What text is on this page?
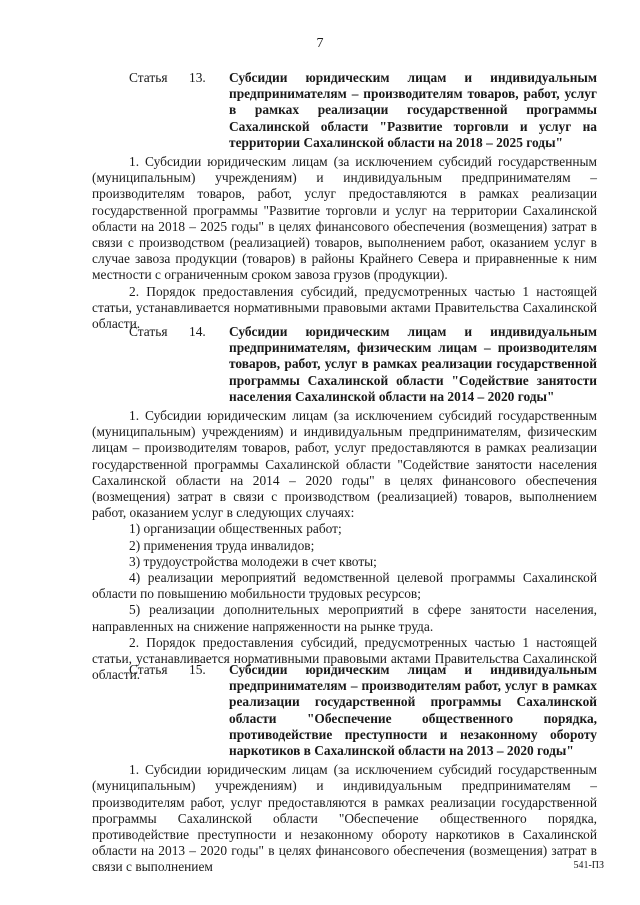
7
Статья 13. Субсидии юридическим лицам и индивидуальным предпринимателям – производителям товаров, работ, услуг в рамках реализации государственной программы Сахалинской области "Развитие торговли и услуг на территории Сахалинской области на 2018 – 2025 годы"

1. Субсидии юридическим лицам (за исключением субсидий государственным (муниципальным) учреждениям) и индивидуальным предпринимателям – производителям товаров, работ, услуг предоставляются в рамках реализации государственной программы "Развитие торговли и услуг на территории Сахалинской области на 2018 – 2025 годы" в целях финансового обеспечения (возмещения) затрат в связи с производством (реализацией) товаров, выполнением работ, оказанием услуг в случае завоза продукции (товаров) в районы Крайнего Севера и приравненные к ним местности с ограниченным сроком завоза грузов (продукции).

2. Порядок предоставления субсидий, предусмотренных частью 1 настоящей статьи, устанавливается нормативными правовыми актами Правительства Сахалинской области.

Статья 14. Субсидии юридическим лицам и индивидуальным предпринимателям, физическим лицам – производителям товаров, работ, услуг в рамках реализации государственной программы Сахалинской области "Содействие занятости населения Сахалинской области на 2014 – 2020 годы"

1. Субсидии юридическим лицам (за исключением субсидий государственным (муниципальным) учреждениям) и индивидуальным предпринимателям, физическим лицам – производителям товаров, работ, услуг предоставляются в рамках реализации государственной программы Сахалинской области "Содействие занятости населения Сахалинской области на 2014 – 2020 годы" в целях финансового обеспечения (возмещения) затрат в связи с производством (реализацией) товаров, выполнением работ, оказанием услуг в следующих случаях:

1) организации общественных работ;

2) применения труда инвалидов;

3) трудоустройства молодежи в счет квоты;

4) реализации мероприятий ведомственной целевой программы Сахалинской области по повышению мобильности трудовых ресурсов;

5) реализации дополнительных мероприятий в сфере занятости населения, направленных на снижение напряженности на рынке труда.

2. Порядок предоставления субсидий, предусмотренных частью 1 настоящей статьи, устанавливается нормативными правовыми актами Правительства Сахалинской области.

Статья 15. Субсидии юридическим лицам и индивидуальным предпринимателям – производителям работ, услуг в рамках реализации государственной программы Сахалинской области "Обеспечение общественного порядка, противодействие преступности и незаконному обороту наркотиков в Сахалинской области на 2013 – 2020 годы"

1. Субсидии юридическим лицам (за исключением субсидий государственным (муниципальным) учреждениям) и индивидуальным предпринимателям – производителям работ, услуг предоставляются в рамках реализации государственной программы Сахалинской области "Обеспечение общественного порядка, противодействие преступности и незаконному обороту наркотиков в Сахалинской области на 2013 – 2020 годы" в целях финансового обеспечения (возмещения) затрат в связи с выполнением	541-ПЗ
